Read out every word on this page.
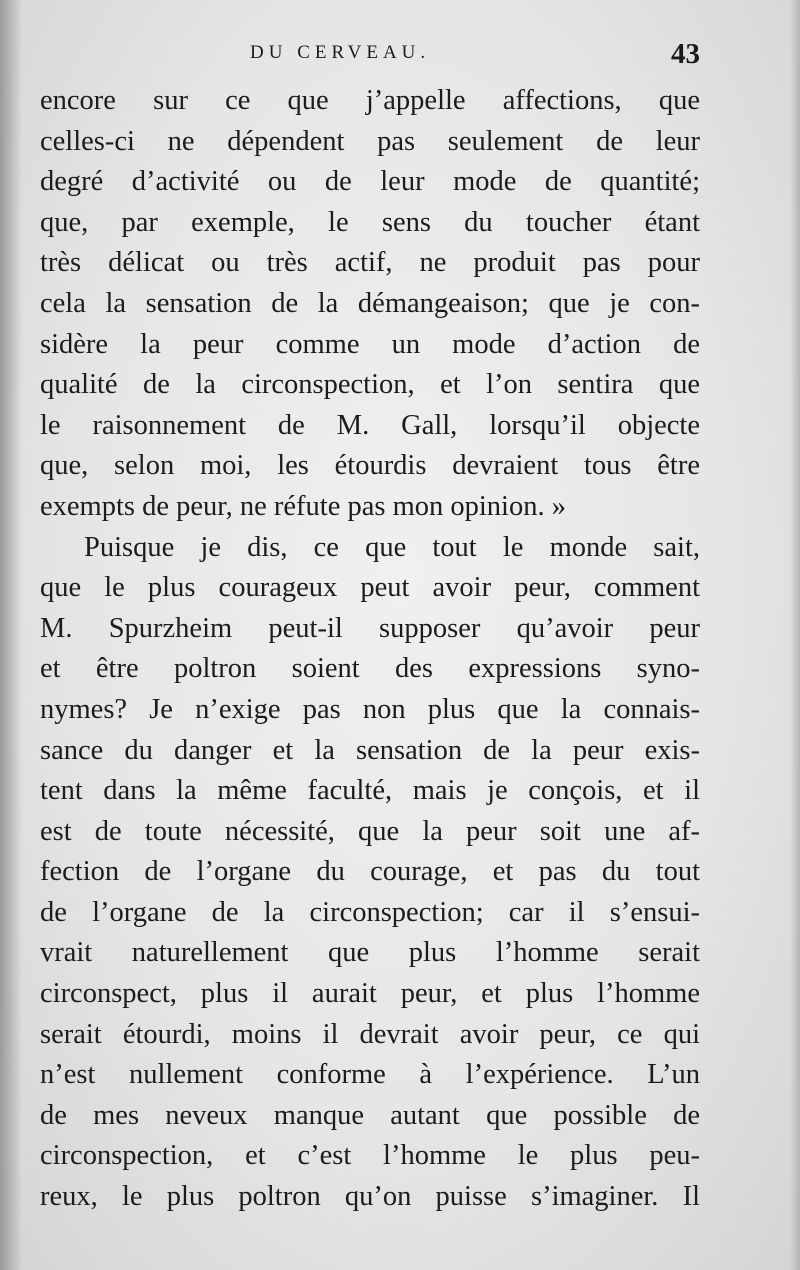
DU CERVEAU.	43
encore sur ce que j’appelle affections, que
celles-ci ne dépendent pas seulement de leur
degré d’activité ou de leur mode de quantité;
que, par exemple, le sens du toucher étant
très délicat ou très actif, ne produit pas pour
cela la sensation de la démangeaison; que je con-
sidère la peur comme un mode d’action de
qualité de la circonspection, et l’on sentira que
le raisonnement de M. Gall, lorsqu’il objecte
que, selon moi, les étourdis devraient tous être
exempts de peur, ne réfute pas mon opinion. »
Puisque je dis, ce que tout le monde sait,
que le plus courageux peut avoir peur, comment
M. Spurzheim peut-il supposer qu’avoir peur
et être poltron soient des expressions syno-
nymes? Je n’exige pas non plus que la connais-
sance du danger et la sensation de la peur exis-
tent dans la même faculté, mais je conçois, et il
est de toute nécessité, que la peur soit une af-
fection de l’organe du courage, et pas du tout
de l’organe de la circonspection; car il s’ensui-
vrait naturellement que plus l’homme serait
circonspect, plus il aurait peur, et plus l’homme
serait étourdi, moins il devrait avoir peur, ce qui
n’est nullement conforme à l’expérience. L’un
de mes neveux manque autant que possible de
circonspection, et c’est l’homme le plus peu-
reux, le plus poltron qu’on puisse s’imaginer. Il
